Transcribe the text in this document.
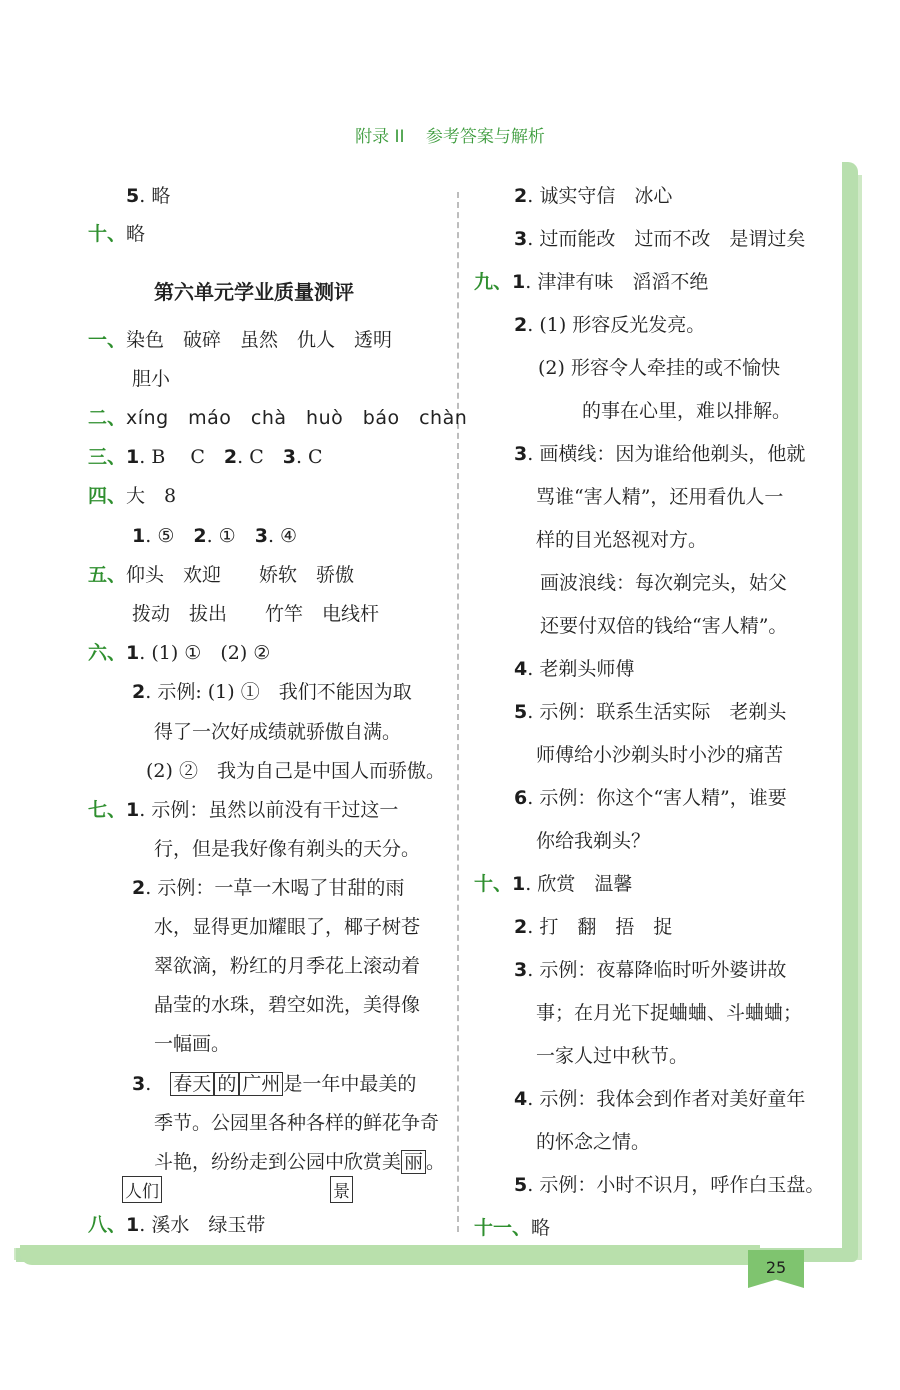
附录 II 参考答案与解析
5. 略
十、略
第六单元学业质量测评
一、染色　破碎　虽然　仇人　透明
胆小
二、xíng　máo　chà　huò　báo　chàn
三、1. B　 C　2. C　3. C
四、大　8
1. ⑤　2. ①　3. ④
五、仰头　欢迎　　娇软　骄傲
拨动　拔出　　竹竿　电线杆
六、1. (1) ①　(2) ②
2. 示例: (1) ①　我们不能因为取
得了一次好成绩就骄傲自满。
(2) ②　我为自己是中国人而骄傲。
七、1. 示例：虽然以前没有干过这一
行，但是我好像有剃头的天分。
2. 示例：一草一木喝了甘甜的雨
水，显得更加耀眼了，椰子树苍
翠欲滴，粉红的月季花上滚动着
晶莹的水珠，碧空如洗，美得像
一幅画。
3.　 春天 的 广州 是一年中最美的
季节。公园里各种各样的鲜花争奇
斗艳，纷纷走到公园中欣赏美 丽 。
人们	景
八、1. 溪水　绿玉带
2. 诚实守信　冰心
3. 过而能改　过而不改　是谓过矣
九、1. 津津有味　滔滔不绝
2. (1) 形容反光发亮。
(2) 形容令人牵挂的或不愉快
的事在心里，难以排解。
3. 画横线：因为谁给他剃头，他就
骂谁“害人精”，还用看仇人一
样的目光怒视对方。
画波浪线：每次剃完头，姑父
还要付双倍的钱给“害人精”。
4. 老剃头师傅
5. 示例：联系生活实际　老剃头
师傅给小沙剃头时小沙的痛苦
6. 示例：你这个“害人精”，谁要
你给我剃头？
十、1. 欣赏　温馨
2. 打　翻　捂　捉
3. 示例：夜幕降临时听外婆讲故
事；在月光下捉蛐蛐、斗蛐蛐；
一家人过中秋节。
4. 示例：我体会到作者对美好童年
的怀念之情。
5. 示例：小时不识月，呼作白玉盘。
十一、略
25
